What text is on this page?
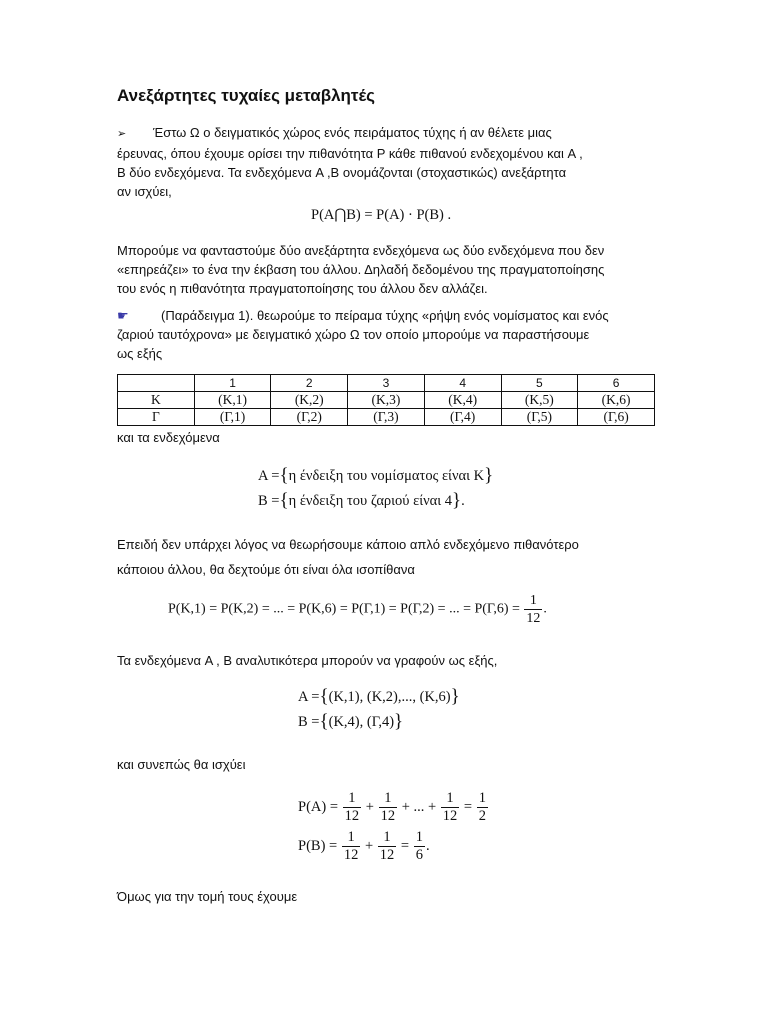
Ανεξάρτητες τυχαίες μεταβλητές
➢ Έστω Ω ο δειγματικός χώρος ενός πειράματος τύχης ή αν θέλετε μιας
έρευνας, όπου έχουμε ορίσει την πιθανότητα P κάθε πιθανού ενδεχομένου και A ,
B δύο ενδεχόμενα. Τα ενδεχόμενα A ,B ονομάζονται (στοχαστικώς) ανεξάρτητα
αν ισχύει,
P(A⋂B) = P(A) · P(B) .
Μπορούμε να φανταστούμε δύο ανεξάρτητα ενδεχόμενα ως δύο ενδεχόμενα που δεν
«επηρεάζει» το ένα την έκβαση του άλλου. Δηλαδή δεδομένου της πραγματοποίησης
του ενός η πιθανότητα πραγματοποίησης του άλλου δεν αλλάζει.
☛ (Παράδειγμα 1). θεωρούμε το πείραμα τύχης «ρήψη ενός νομίσματος και ενός
ζαριού ταυτόχρονα» με δειγματικό χώρο Ω τον οποίο μπορούμε να παραστήσουμε
ως εξής
	1	2	3	4	5	6
Κ	(Κ,1)	(Κ,2)	(Κ,3)	(Κ,4)	(Κ,5)	(Κ,6)
Γ	(Γ,1)	(Γ,2)	(Γ,3)	(Γ,4)	(Γ,5)	(Γ,6)
και τα ενδεχόμενα
A ={η ένδειξη του νομίσματος είναι Κ}
B ={η ένδειξη του ζαριού είναι 4}.
Επειδή δεν υπάρχει λόγος να θεωρήσουμε κάποιο απλό ενδεχόμενο πιθανότερο
κάποιου άλλου, θα δεχτούμε ότι είναι όλα ισοπίθανα
P(Κ,1) = P(Κ,2) = ... = P(Κ,6) = P(Γ,1) = P(Γ,2) = ... = $P(\Gamma,6) = \frac{1}{12}$ .
Τα ενδεχόμενα A , B αναλυτικότερα μπορούν να γραφούν ως εξής,
A ={(Κ,1), (Κ,2),..., (Κ,6)}
B ={(Κ,4), (Γ,4)}
και συνεπώς θα ισχύει
$P(A) = \frac{1}{12} + \frac{1}{12}$ + ... + $\frac{1}{12} = \frac{1}{2}$
$P(B) = \frac{1}{12} + \frac{1}{12} = \frac{1}{6}$ .
Όμως για την τομή τους έχουμε
